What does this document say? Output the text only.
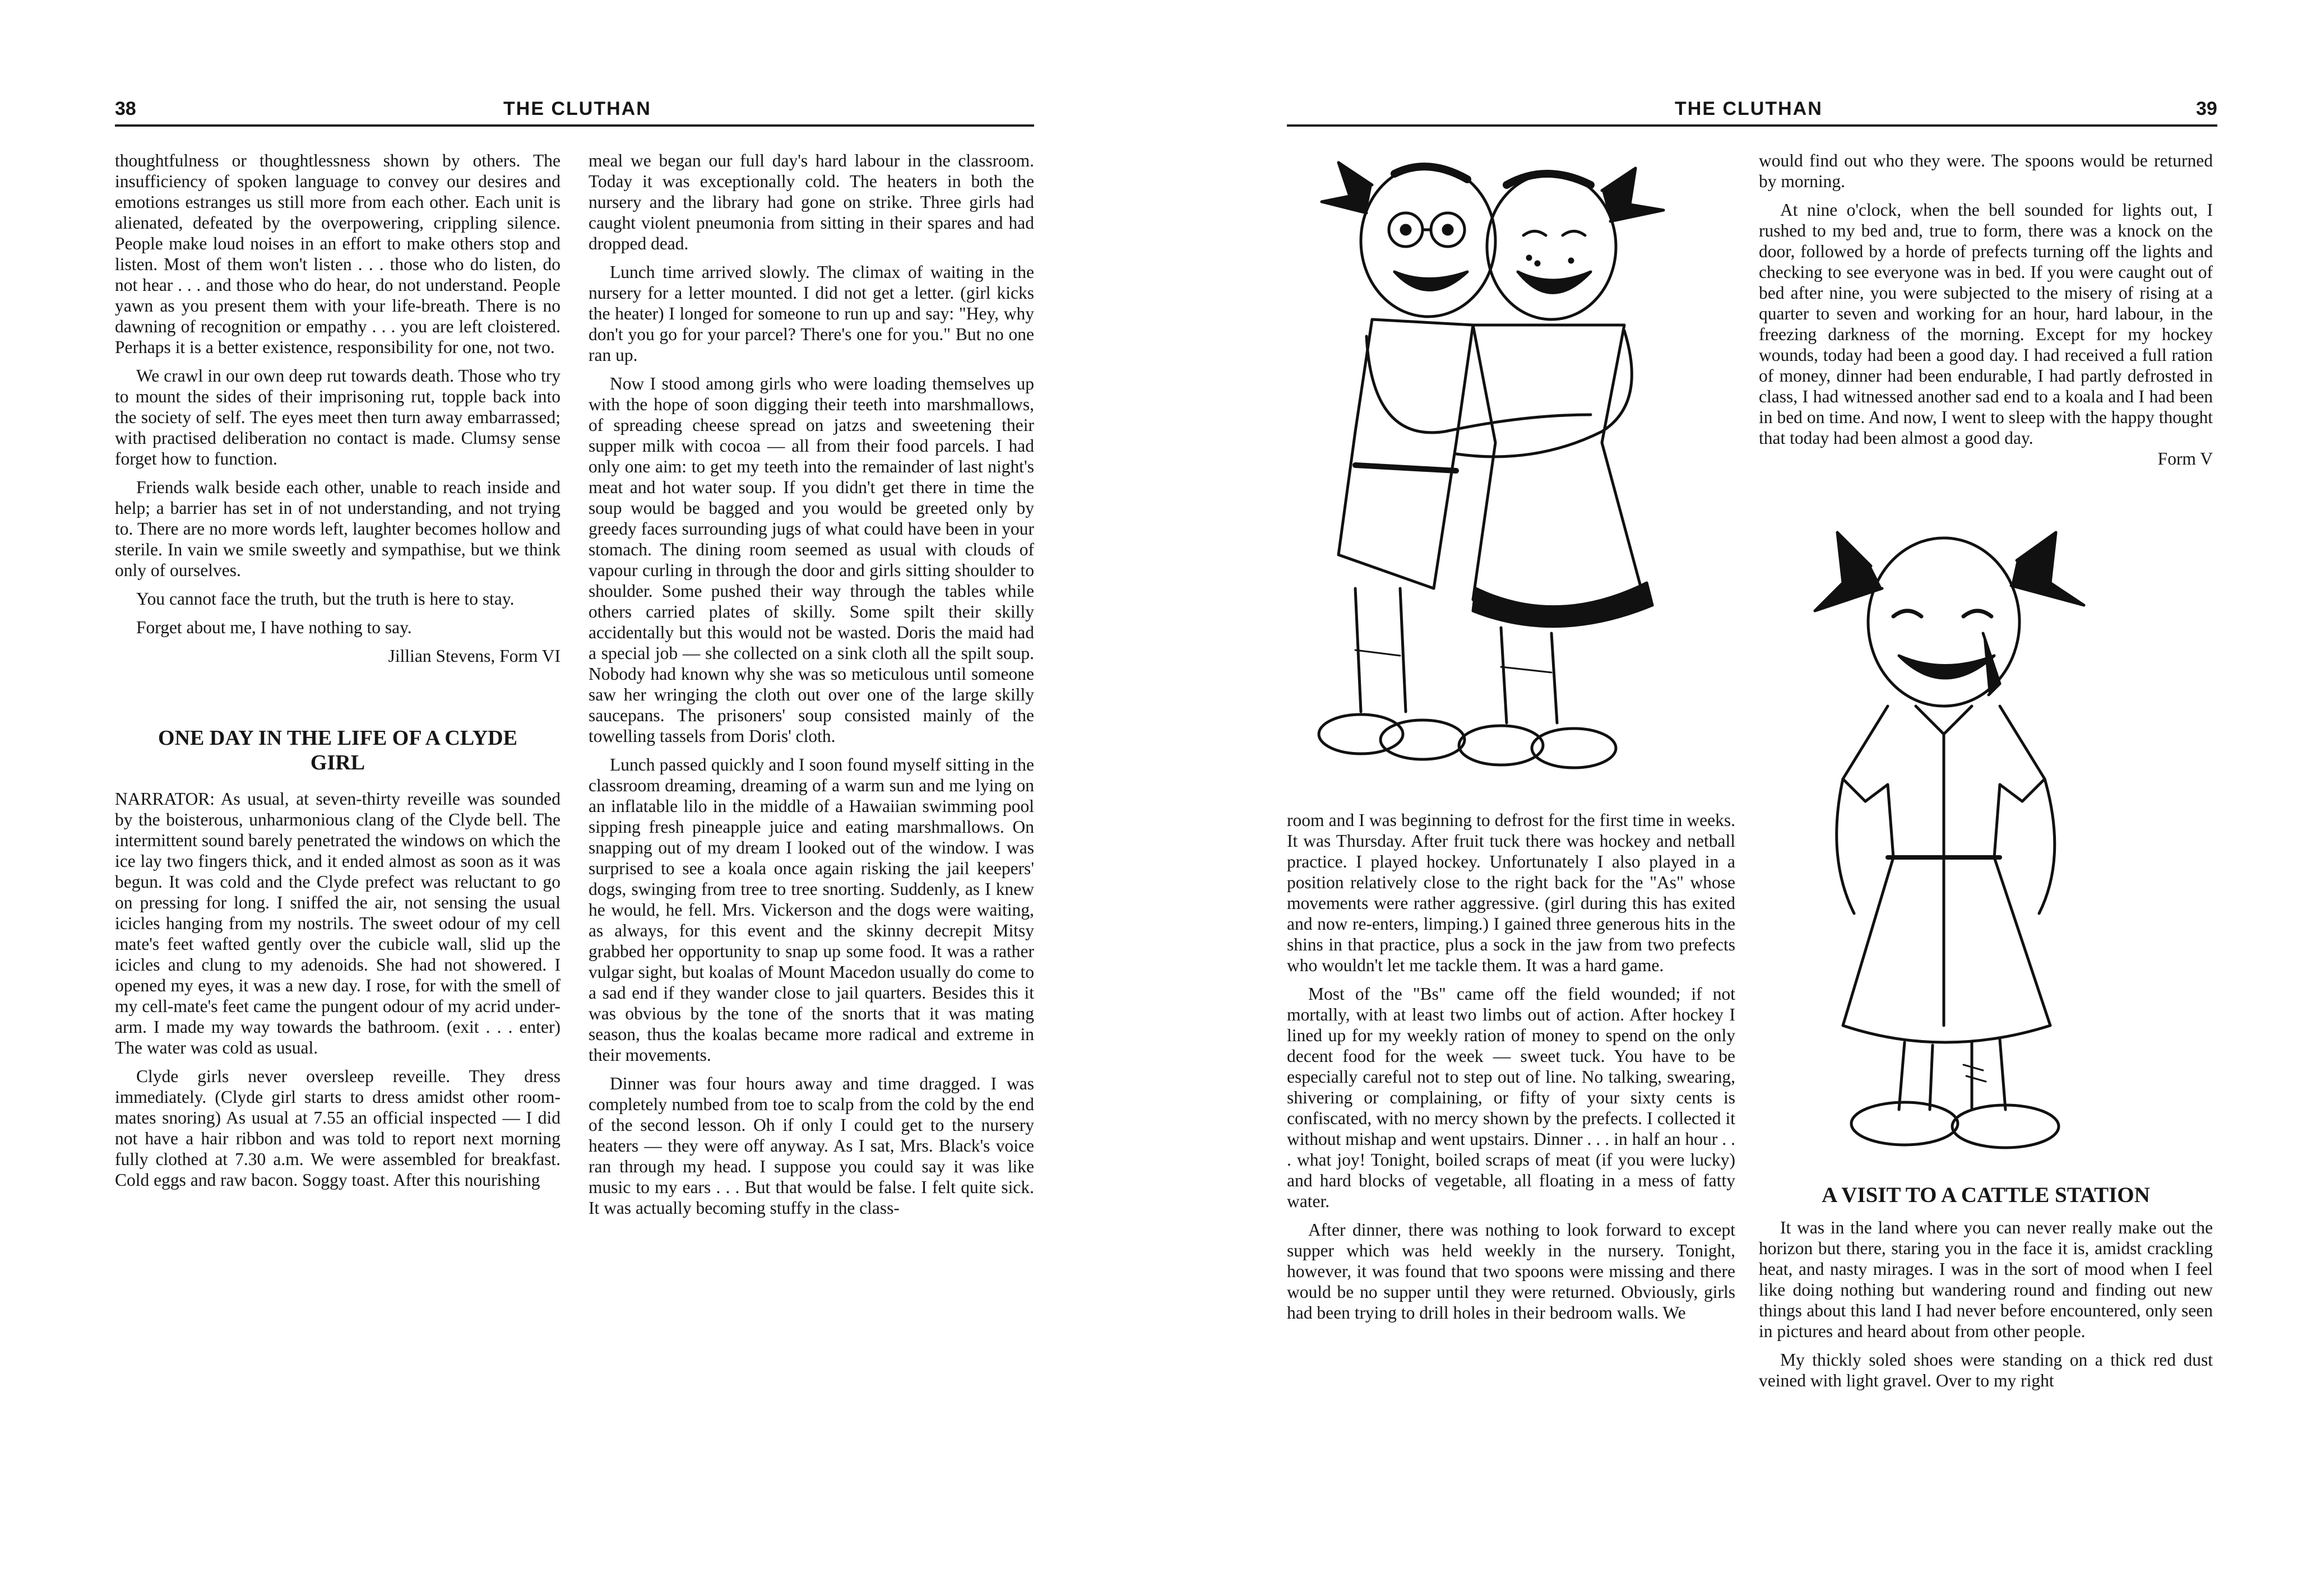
38	THE CLUTHAN

thoughtfulness or thoughtlessness shown by others. The insufficiency of spoken language to convey our desires and emotions estranges us still more from each other. Each unit is alienated, defeated by the overpowering, crippling silence. People make loud noises in an effort to make others stop and listen. Most of them won't listen . . . those who do listen, do not hear . . . and those who do hear, do not understand. People yawn as you present them with your life-breath. There is no dawning of recognition or empathy . . . you are left cloistered. Perhaps it is a better existence, responsibility for one, not two.

We crawl in our own deep rut towards death. Those who try to mount the sides of their imprisoning rut, topple back into the society of self. The eyes meet then turn away embarrassed; with practised deliberation no contact is made. Clumsy sense forget how to function.

Friends walk beside each other, unable to reach inside and help; a barrier has set in of not understanding, and not trying to. There are no more words left, laughter becomes hollow and sterile. In vain we smile sweetly and sympathise, but we think only of ourselves.

You cannot face the truth, but the truth is here to stay.

Forget about me, I have nothing to say.

Jillian Stevens, Form VI

ONE DAY IN THE LIFE OF A CLYDE GIRL

NARRATOR: As usual, at seven-thirty reveille was sounded by the boisterous, unharmonious clang of the Clyde bell. The intermittent sound barely penetrated the windows on which the ice lay two fingers thick, and it ended almost as soon as it was begun. It was cold and the Clyde prefect was reluctant to go on pressing for long. I sniffed the air, not sensing the usual icicles hanging from my nostrils. The sweet odour of my cell mate's feet wafted gently over the cubicle wall, slid up the icicles and clung to my adenoids. She had not showered. I opened my eyes, it was a new day. I rose, for with the smell of my cell-mate's feet came the pungent odour of my acrid under-arm. I made my way towards the bathroom. (exit . . . enter) The water was cold as usual.

Clyde girls never oversleep reveille. They dress immediately. (Clyde girl starts to dress amidst other room-mates snoring) As usual at 7.55 an official inspected — I did not have a hair ribbon and was told to report next morning fully clothed at 7.30 a.m. We were assembled for breakfast. Cold eggs and raw bacon. Soggy toast. After this nourishing

meal we began our full day's hard labour in the classroom. Today it was exceptionally cold. The heaters in both the nursery and the library had gone on strike. Three girls had caught violent pneumonia from sitting in their spares and had dropped dead.

Lunch time arrived slowly. The climax of waiting in the nursery for a letter mounted. I did not get a letter. (girl kicks the heater) I longed for someone to run up and say: "Hey, why don't you go for your parcel? There's one for you." But no one ran up.

Now I stood among girls who were loading themselves up with the hope of soon digging their teeth into marshmallows, of spreading cheese spread on jatzs and sweetening their supper milk with cocoa — all from their food parcels. I had only one aim: to get my teeth into the remainder of last night's meat and hot water soup. If you didn't get there in time the soup would be bagged and you would be greeted only by greedy faces surrounding jugs of what could have been in your stomach. The dining room seemed as usual with clouds of vapour curling in through the door and girls sitting shoulder to shoulder. Some pushed their way through the tables while others carried plates of skilly. Some spilt their skilly accidentally but this would not be wasted. Doris the maid had a special job — she collected on a sink cloth all the spilt soup. Nobody had known why she was so meticulous until someone saw her wringing the cloth out over one of the large skilly saucepans. The prisoners' soup consisted mainly of the towelling tassels from Doris' cloth.

Lunch passed quickly and I soon found myself sitting in the classroom dreaming, dreaming of a warm sun and me lying on an inflatable lilo in the middle of a Hawaiian swimming pool sipping fresh pineapple juice and eating marshmallows. On snapping out of my dream I looked out of the window. I was surprised to see a koala once again risking the jail keepers' dogs, swinging from tree to tree snorting. Suddenly, as I knew he would, he fell. Mrs. Vickerson and the dogs were waiting, as always, for this event and the skinny decrepit Mitsy grabbed her opportunity to snap up some food. It was a rather vulgar sight, but koalas of Mount Macedon usually do come to a sad end if they wander close to jail quarters. Besides this it was obvious by the tone of the snorts that it was mating season, thus the koalas became more radical and extreme in their movements.

Dinner was four hours away and time dragged. I was completely numbed from toe to scalp from the cold by the end of the second lesson. Oh if only I could get to the nursery heaters — they were off anyway. As I sat, Mrs. Black's voice ran through my head. I suppose you could say it was like music to my ears . . . But that would be false. I felt quite sick. It was actually becoming stuffy in the class-

THE CLUTHAN	39

room and I was beginning to defrost for the first time in weeks. It was Thursday. After fruit tuck there was hockey and netball practice. I played hockey. Unfortunately I also played in a position relatively close to the right back for the "As" whose movements were rather aggressive. (girl during this has exited and now re-enters, limping.) I gained three generous hits in the shins in that practice, plus a sock in the jaw from two prefects who wouldn't let me tackle them. It was a hard game.

Most of the "Bs" came off the field wounded; if not mortally, with at least two limbs out of action. After hockey I lined up for my weekly ration of money to spend on the only decent food for the week — sweet tuck. You have to be especially careful not to step out of line. No talking, swearing, shivering or complaining, or fifty of your sixty cents is confiscated, with no mercy shown by the prefects. I collected it without mishap and went upstairs. Dinner . . . in half an hour . . . what joy! Tonight, boiled scraps of meat (if you were lucky) and hard blocks of vegetable, all floating in a mess of fatty water.

After dinner, there was nothing to look forward to except supper which was held weekly in the nursery. Tonight, however, it was found that two spoons were missing and there would be no supper until they were returned. Obviously, girls had been trying to drill holes in their bedroom walls. We

would find out who they were. The spoons would be returned by morning.

At nine o'clock, when the bell sounded for lights out, I rushed to my bed and, true to form, there was a knock on the door, followed by a horde of prefects turning off the lights and checking to see everyone was in bed. If you were caught out of bed after nine, you were subjected to the misery of rising at a quarter to seven and working for an hour, hard labour, in the freezing darkness of the morning. Except for my hockey wounds, today had been a good day. I had received a full ration of money, dinner had been endurable, I had partly defrosted in class, I had witnessed another sad end to a koala and I had been in bed on time. And now, I went to sleep with the happy thought that today had been almost a good day.

Form V

A VISIT TO A CATTLE STATION

It was in the land where you can never really make out the horizon but there, staring you in the face it is, amidst crackling heat, and nasty mirages. I was in the sort of mood when I feel like doing nothing but wandering round and finding out new things about this land I had never before encountered, only seen in pictures and heard about from other people.

My thickly soled shoes were standing on a thick red dust veined with light gravel. Over to my right
